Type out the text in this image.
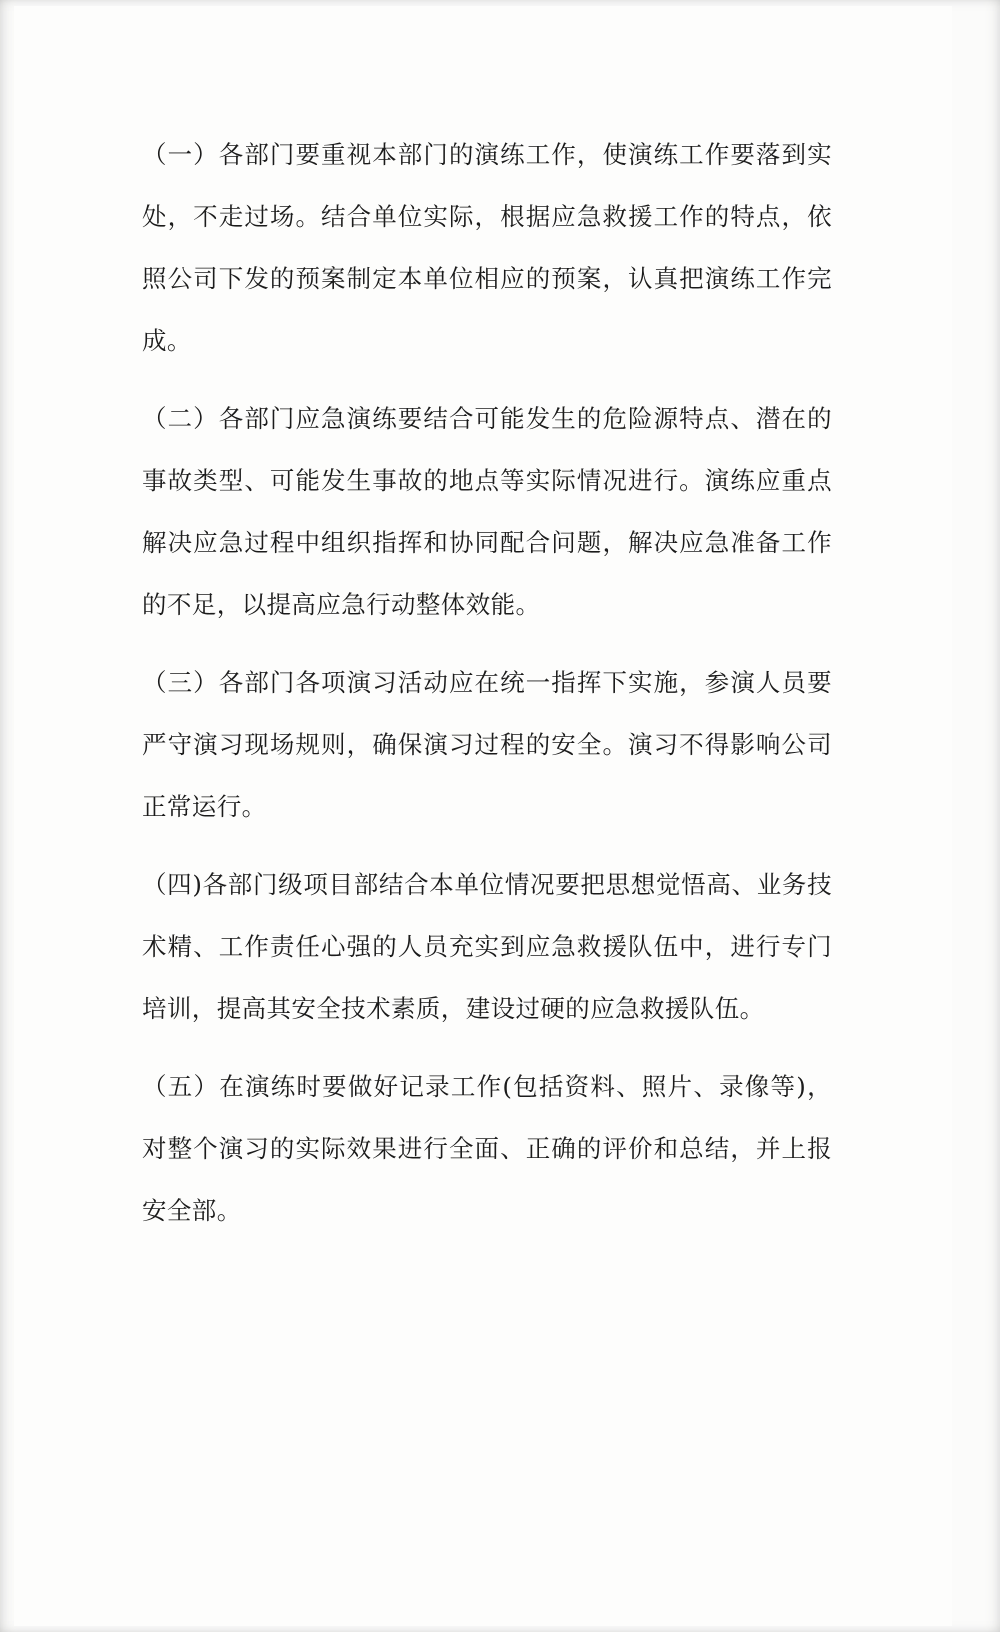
（一）各部门要重视本部门的演练工作，使演练工作要落到实处，不走过场。结合单位实际，根据应急救援工作的特点，依照公司下发的预案制定本单位相应的预案，认真把演练工作完成。

（二）各部门应急演练要结合可能发生的危险源特点、潜在的事故类型、可能发生事故的地点等实际情况进行。演练应重点解决应急过程中组织指挥和协同配合问题，解决应急准备工作的不足，以提高应急行动整体效能。

（三）各部门各项演习活动应在统一指挥下实施，参演人员要严守演习现场规则，确保演习过程的安全。演习不得影响公司正常运行。

（四)各部门级项目部结合本单位情况要把思想觉悟高、业务技术精、工作责任心强的人员充实到应急救援队伍中，进行专门培训，提高其安全技术素质，建设过硬的应急救援队伍。

（五）在演练时要做好记录工作(包括资料、照片、录像等)，对整个演习的实际效果进行全面、正确的评价和总结，并上报安全部。
